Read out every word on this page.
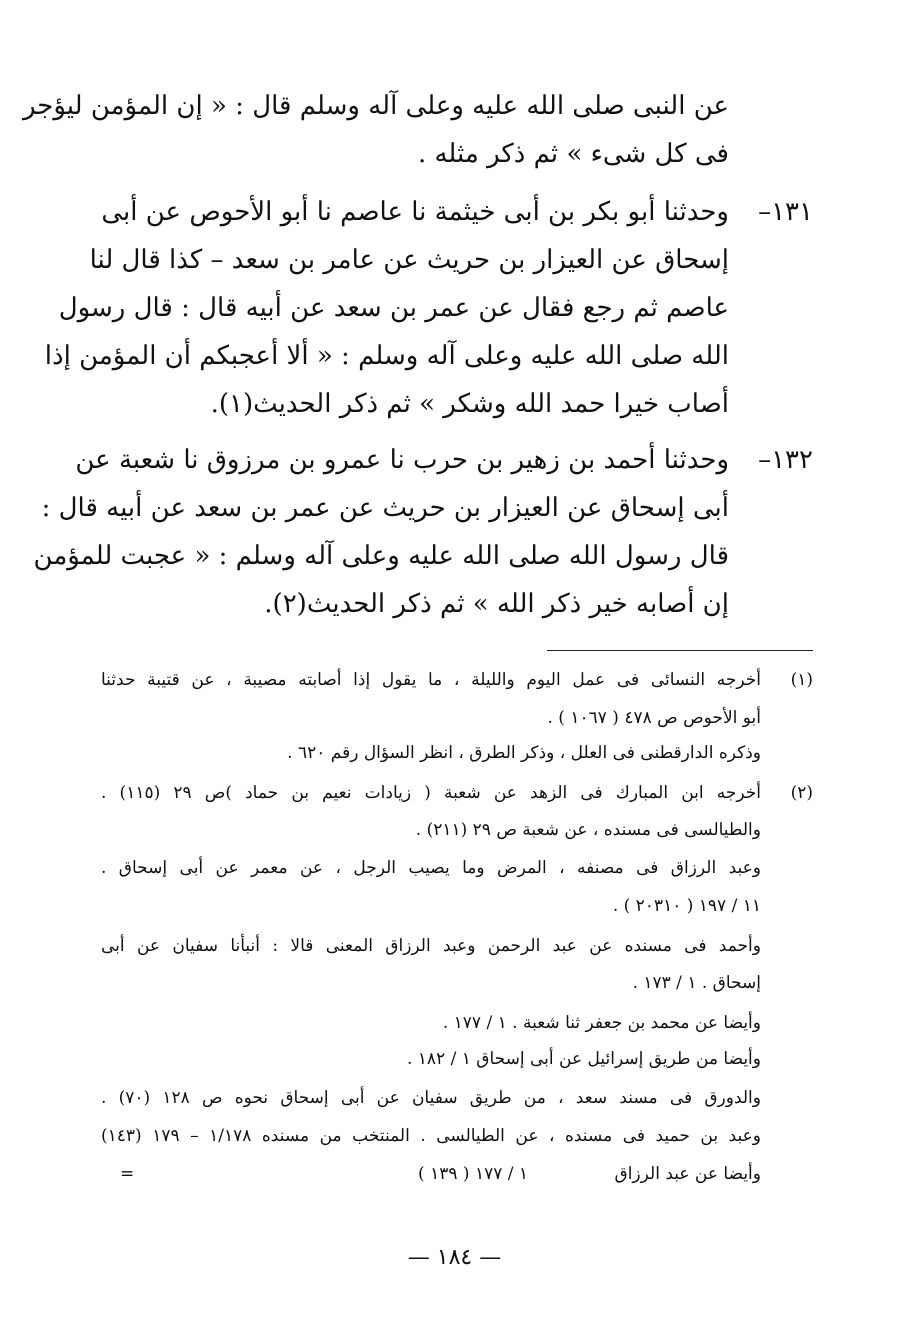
عن النبى صلى الله عليه وعلى آله وسلم قال : « إن المؤمن ليؤجر
فى كل شىء » ثم ذكر مثله .
١٣١–
وحدثنا أبو بكر بن أبى خيثمة نا عاصم نا أبو الأحوص عن أبى
إسحاق عن العيزار بن حريث عن عامر بن سعد – كذا قال لنا
عاصم ثم رجع فقال عن عمر بن سعد عن أبيه قال : قال رسول
الله صلى الله عليه وعلى آله وسلم : « ألا أعجبكم أن المؤمن إذا
أصاب خيرا حمد الله وشكر » ثم ذكر الحديث(١).
١٣٢–
وحدثنا أحمد بن زهير بن حرب نا عمرو بن مرزوق نا شعبة عن
أبى إسحاق عن العيزار بن حريث عن عمر بن سعد عن أبيه قال :
قال رسول الله صلى الله عليه وعلى آله وسلم : « عجبت للمؤمن
إن أصابه خير ذكر الله » ثم ذكر الحديث(٢).
(١)
أخرجه النسائى فى عمل اليوم والليلة ، ما يقول إذا أصابته مصيبة ، عن قتيبة حدثنا
أبو الأحوص ص ٤٧٨ ( ١٠٦٧ ) .
وذكره الدارقطنى فى العلل ، وذكر الطرق ، انظر السؤال رقم ٦٢٠ .
(٢)
أخرجه ابن المبارك فى الزهد عن شعبة ( زيادات نعيم بن حماد )ص ٢٩ (١١٥) .
والطيالسى فى مسنده ، عن شعبة ص ٢٩ (٢١١) .
وعبد الرزاق فى مصنفه ، المرض وما يصيب الرجل ، عن معمر عن أبى إسحاق .
١١ / ١٩٧ ( ٢٠٣١٠ ) .
وأحمد فى مسنده عن عبد الرحمن وعبد الرزاق المعنى قالا : أنبأنا سفيان عن أبى
إسحاق . ١ / ١٧٣ .
وأيضا عن محمد بن جعفر ثنا شعبة . ١ / ١٧٧ .
وأيضا من طريق إسرائيل عن أبى إسحاق ١ / ١٨٢ .
والدورق فى مسند سعد ، من طريق سفيان عن أبى إسحاق نحوه ص ١٢٨ (٧٠) .
وعبد بن حميد فى مسنده ، عن الطيالسى . المنتخب من مسنده ١/١٧٨ – ١٧٩ (١٤٣)
وأيضا عن عبد الرزاق                ١ / ١٧٧ ( ١٣٩ )
=
— ١٨٤ —
